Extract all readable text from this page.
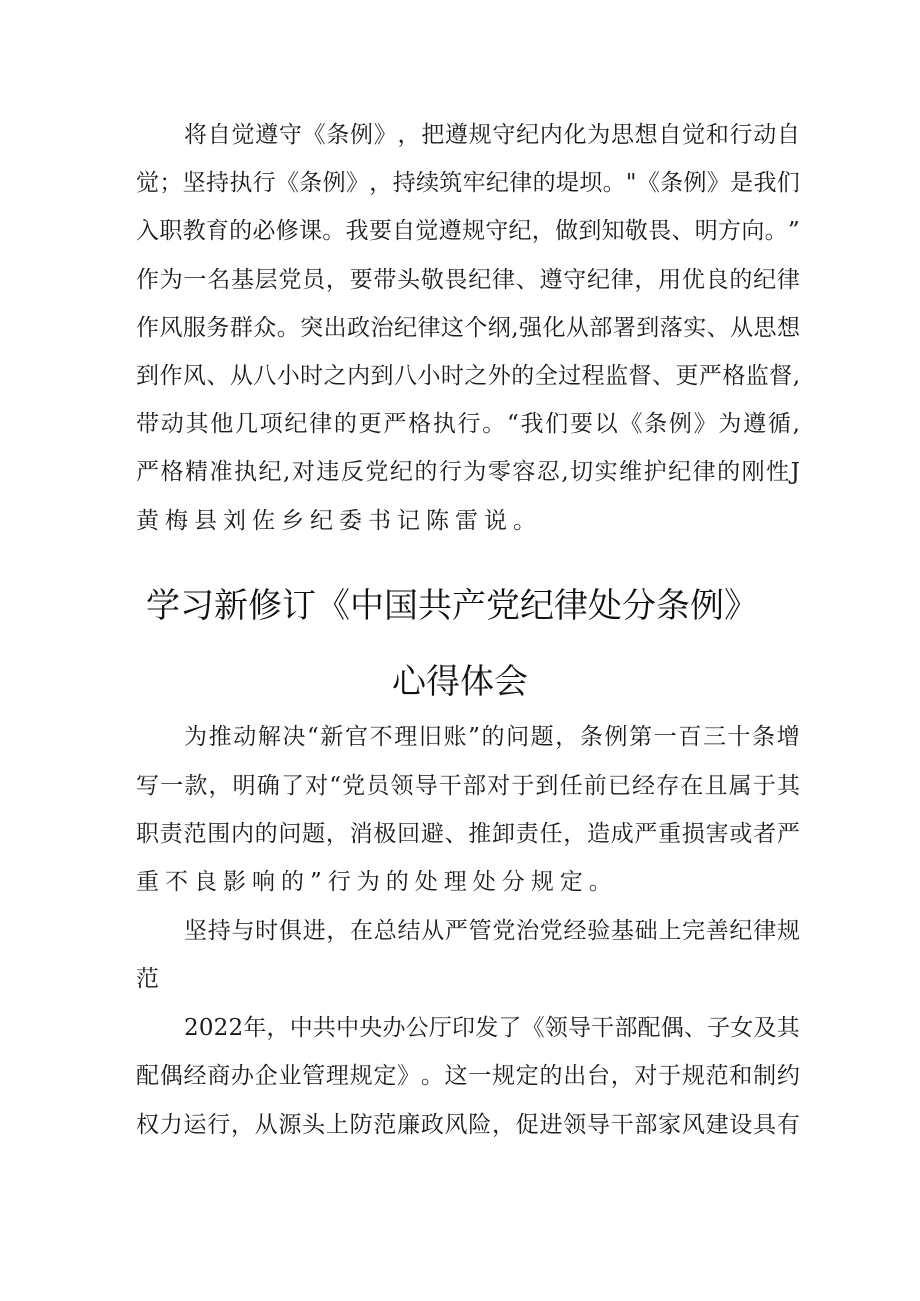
将 自 觉 遵 守 《 条 例 》 ， 把 遵 规 守 纪 内 化 为 思 想 自 觉 和 行 动 自
觉 ； 坚 持 执 行 《 条 例 》 ， 持 续 筑 牢 纪 律 的 堤 坝 。 " 《 条 例 》 是 我 们
入 职 教 育 的 必 修 课 。 我 要 自 觉 遵 规 守 纪 ， 做 到 知 敬 畏 、 明 方 向 。 ”
作 为 一 名 基 层 党 员 ， 要 带 头 敬 畏 纪 律 、 遵 守 纪 律 ， 用 优 良 的 纪 律
作 风 服 务 群 众 。 突 出 政 治 纪 律 这 个 纲 , 强 化 从 部 署 到 落 实 、 从 思 想
到 作 风 、 从 八 小 时 之 内 到 八 小 时 之 外 的 全 过 程 监 督 、 更 严 格 监 督 ,
带 动 其 他 几 项 纪 律 的 更 严 格 执 行 。 “ 我 们 要 以 《 条 例 》 为 遵 循 ,
严 格 精 准 执 纪 , 对 违 反 党 纪 的 行 为 零 容 忍 , 切 实 维 护 纪 律 的 刚 性 J
黄梅县刘佐乡纪委书记陈雷说。
学习新修订《中国共产党纪律处分条例》
心得体会
为 推 动 解 决 “ 新 官 不 理 旧 账 ” 的 问 题 ， 条 例 第 一 百 三 十 条 增
写 一 款 ， 明 确 了 对 “ 党 员 领 导 干 部 对 于 到 任 前 已 经 存 在 且 属 于 其
职 责 范 围 内 的 问 题 ， 消 极 回 避 、 推 卸 责 任 ， 造 成 严 重 损 害 或 者 严
重不良影响的”行为的处理处分规定。
坚 持 与 时 俱 进 ， 在 总 结 从 严 管 党 治 党 经 验 基 础 上 完 善 纪 律 规
范
2 0 2 2 年 ， 中 共 中 央 办 公 厅 印 发 了 《 领 导 干 部 配 偶 、 子 女 及 其
配 偶 经 商 办 企 业 管 理 规 定 》 。 这 一 规 定 的 出 台 ， 对 于 规 范 和 制 约
权 力 运 行 ， 从 源 头 上 防 范 廉 政 风 险 ， 促 进 领 导 干 部 家 风 建 设 具 有
